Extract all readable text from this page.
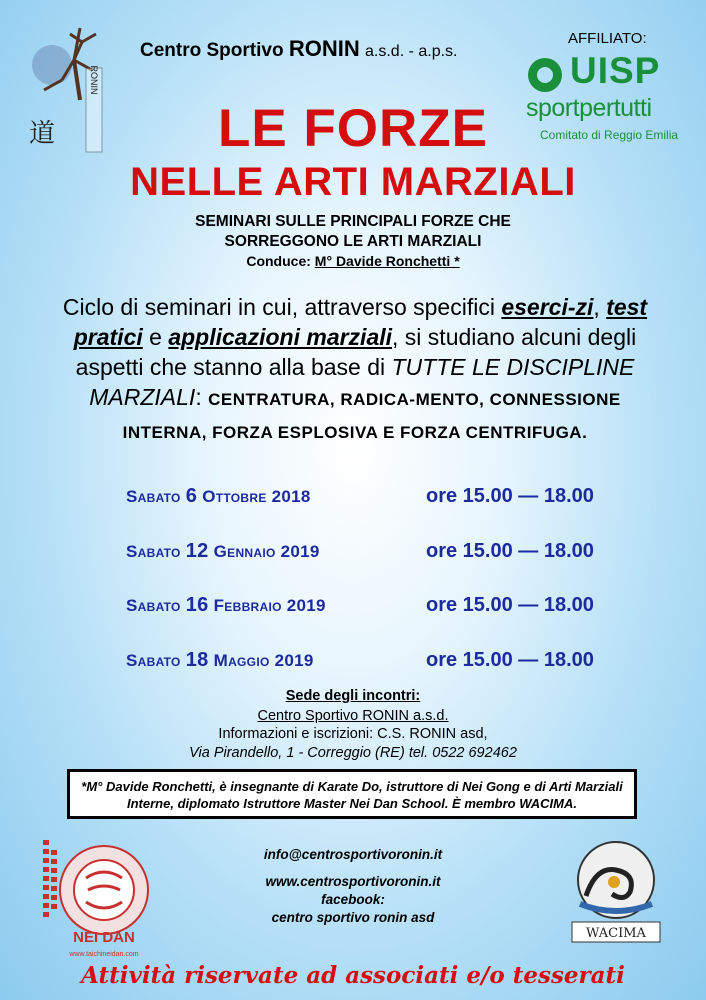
RONIN
道
Centro Sportivo RONIN a.s.d. - a.p.s.
AFFILIATO:
UISP
sportpertutti
Comitato di Reggio Emilia
LE FORZE
NELLE ARTI MARZIALI
SEMINARI SULLE PRINCIPALI FORZE CHE
SORREGGONO LE ARTI MARZIALI
Conduce: M° Davide Ronchetti *
Ciclo di seminari in cui, attraverso specifici eserci-zi, test pratici e applicazioni marziali, si studiano alcuni degli aspetti che stanno alla base di TUTTE LE DISCIPLINE MARZIALI: CENTRATURA, RADICA-MENTO, CONNESSIONE INTERNA, FORZA ESPLOSIVA E FORZA CENTRIFUGA.
Sabato 6 Ottobre 2018	ore 15.00 — 18.00
Sabato 12 Gennaio 2019	ore 15.00 — 18.00
Sabato 16 Febbraio 2019	ore 15.00 — 18.00
Sabato 18 Maggio 2019	ore 15.00 — 18.00
Sede degli incontri:
Centro Sportivo RONIN a.s.d.
Informazioni e iscrizioni: C.S. RONIN asd,
Via Pirandello, 1 - Correggio (RE) tel. 0522 692462
*M° Davide Ronchetti, è insegnante di Karate Do, istruttore di Nei Gong e di Arti Marziali Interne, diplomato Istruttore Master Nei Dan School. È membro WACIMA.
NEI DAN
www.taichineidan.com
info@centrosportivoronin.it
www.centrosportivoronin.it
facebook:
centro sportivo ronin asd
WACIMA
Attività riservate ad associati e/o tesserati
